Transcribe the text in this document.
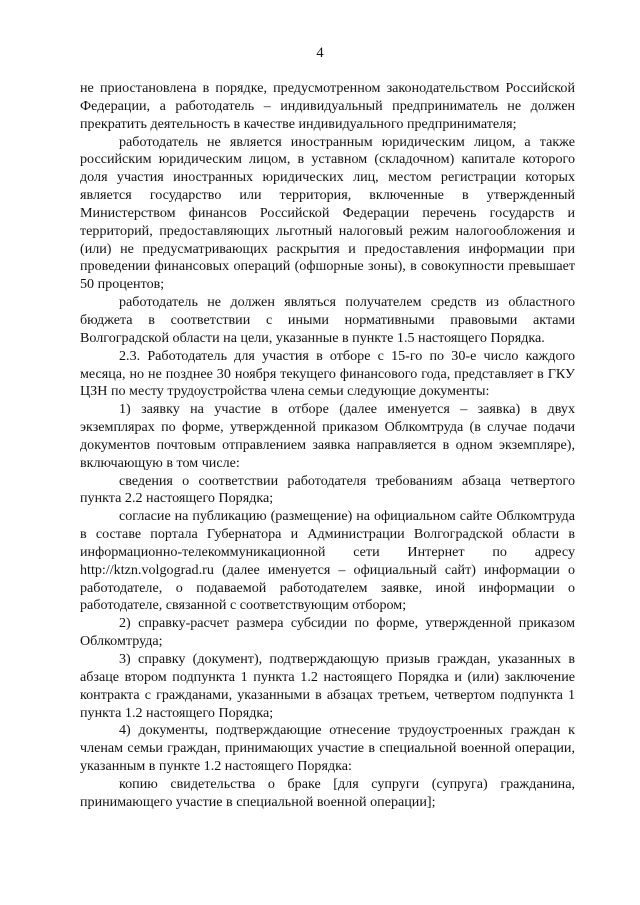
4

не приостановлена в порядке, предусмотренном законодательством Российской Федерации, а работодатель – индивидуальный предприниматель не должен прекратить деятельность в качестве индивидуального предпринимателя;

работодатель не является иностранным юридическим лицом, а также российским юридическим лицом, в уставном (складочном) капитале которого доля участия иностранных юридических лиц, местом регистрации которых является государство или территория, включенные в утвержденный Министерством финансов Российской Федерации перечень государств и территорий, предоставляющих льготный налоговый режим налогообложения и (или) не предусматривающих раскрытия и предоставления информации при проведении финансовых операций (офшорные зоны), в совокупности превышает 50 процентов;

работодатель не должен являться получателем средств из областного бюджета в соответствии с иными нормативными правовыми актами Волгоградской области на цели, указанные в пункте 1.5 настоящего Порядка.

2.3. Работодатель для участия в отборе с 15-го по 30-е число каждого месяца, но не позднее 30 ноября текущего финансового года, представляет в ГКУ ЦЗН по месту трудоустройства члена семьи следующие документы:

1) заявку на участие в отборе (далее именуется – заявка) в двух экземплярах по форме, утвержденной приказом Облкомтруда (в случае подачи документов почтовым отправлением заявка направляется в одном экземпляре), включающую в том числе:

сведения о соответствии работодателя требованиям абзаца четвертого пункта 2.2 настоящего Порядка;

согласие на публикацию (размещение) на официальном сайте Облкомтруда в составе портала Губернатора и Администрации Волгоградской области в информационно-телекоммуникационной сети Интернет по адресу http://ktzn.volgograd.ru (далее именуется – официальный сайт) информации о работодателе, о подаваемой работодателем заявке, иной информации о работодателе, связанной с соответствующим отбором;

2) справку-расчет размера субсидии по форме, утвержденной приказом Облкомтруда;

3) справку (документ), подтверждающую призыв граждан, указанных в абзаце втором подпункта 1 пункта 1.2 настоящего Порядка и (или) заключение контракта с гражданами, указанными в абзацах третьем, четвертом подпункта 1 пункта 1.2 настоящего Порядка;

4) документы, подтверждающие отнесение трудоустроенных граждан к членам семьи граждан, принимающих участие в специальной военной операции, указанным в пункте 1.2 настоящего Порядка:

копию свидетельства о браке [для супруги (супруга) гражданина, принимающего участие в специальной военной операции];
